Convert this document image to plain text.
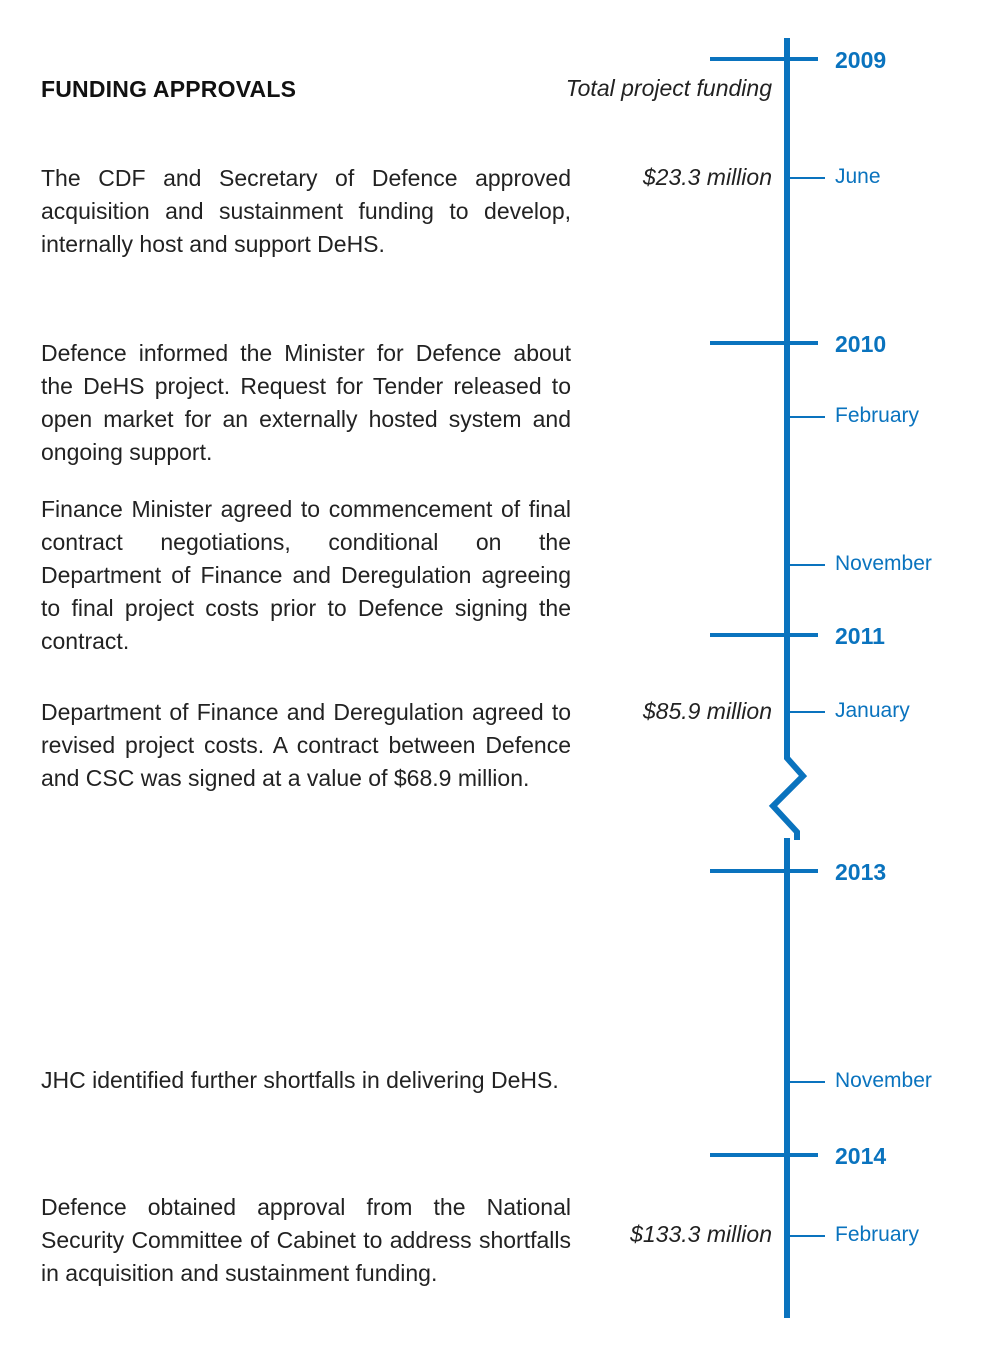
FUNDING APPROVALS	Total project funding
2009
2010
2011
2013
2014
June
February
November
January
November
February
$23.3 million
$85.9 million
$133.3 million

The CDF and Secretary of Defence approved acquisition and sustainment funding to develop, internally host and support DeHS.

Defence informed the Minister for Defence about the DeHS project. Request for Tender released to open market for an externally hosted system and ongoing support.

Finance Minister agreed to commencement of final contract negotiations, conditional on the Department of Finance and Deregulation agreeing to final project costs prior to Defence signing the contract.

Department of Finance and Deregulation agreed to revised project costs. A contract between Defence and CSC was signed at a value of $68.9 million.

JHC identified further shortfalls in delivering DeHS.

Defence obtained approval from the National Security Committee of Cabinet to address shortfalls in acquisition and sustainment funding.
